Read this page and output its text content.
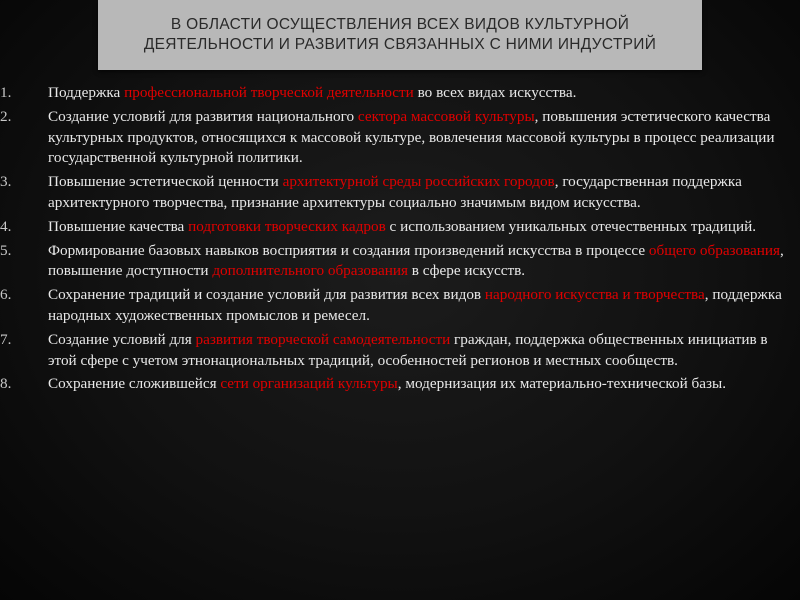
В ОБЛАСТИ ОСУЩЕСТВЛЕНИЯ ВСЕХ ВИДОВ КУЛЬТУРНОЙ ДЕЯТЕЛЬНОСТИ И РАЗВИТИЯ СВЯЗАННЫХ С НИМИ ИНДУСТРИЙ
1.	Поддержка профессиональной творческой деятельности во всех видах искусства.
2.	Создание условий для развития национального сектора массовой культуры, повышения эстетического качества культурных продуктов, относящихся к массовой культуре, вовлечения массовой культуры в процесс реализации государственной культурной политики.
3.	Повышение эстетической ценности архитектурной среды российских городов, государственная поддержка архитектурного творчества, признание архитектуры социально значимым видом искусства.
4.	Повышение качества подготовки творческих кадров с использованием уникальных отечественных традиций.
5.	Формирование базовых навыков восприятия и создания произведений искусства в процессе общего образования, повышение доступности дополнительного образования в сфере искусств.
6.	Сохранение традиций и создание условий для развития всех видов народного искусства и творчества, поддержка народных художественных промыслов и ремесел.
7.	Создание условий для развития творческой самодеятельности граждан, поддержка общественных инициатив в этой сфере с учетом этнонациональных традиций, особенностей регионов и местных сообществ.
8.	Сохранение сложившейся сети организаций культуры, модернизация их материально-технической базы.
